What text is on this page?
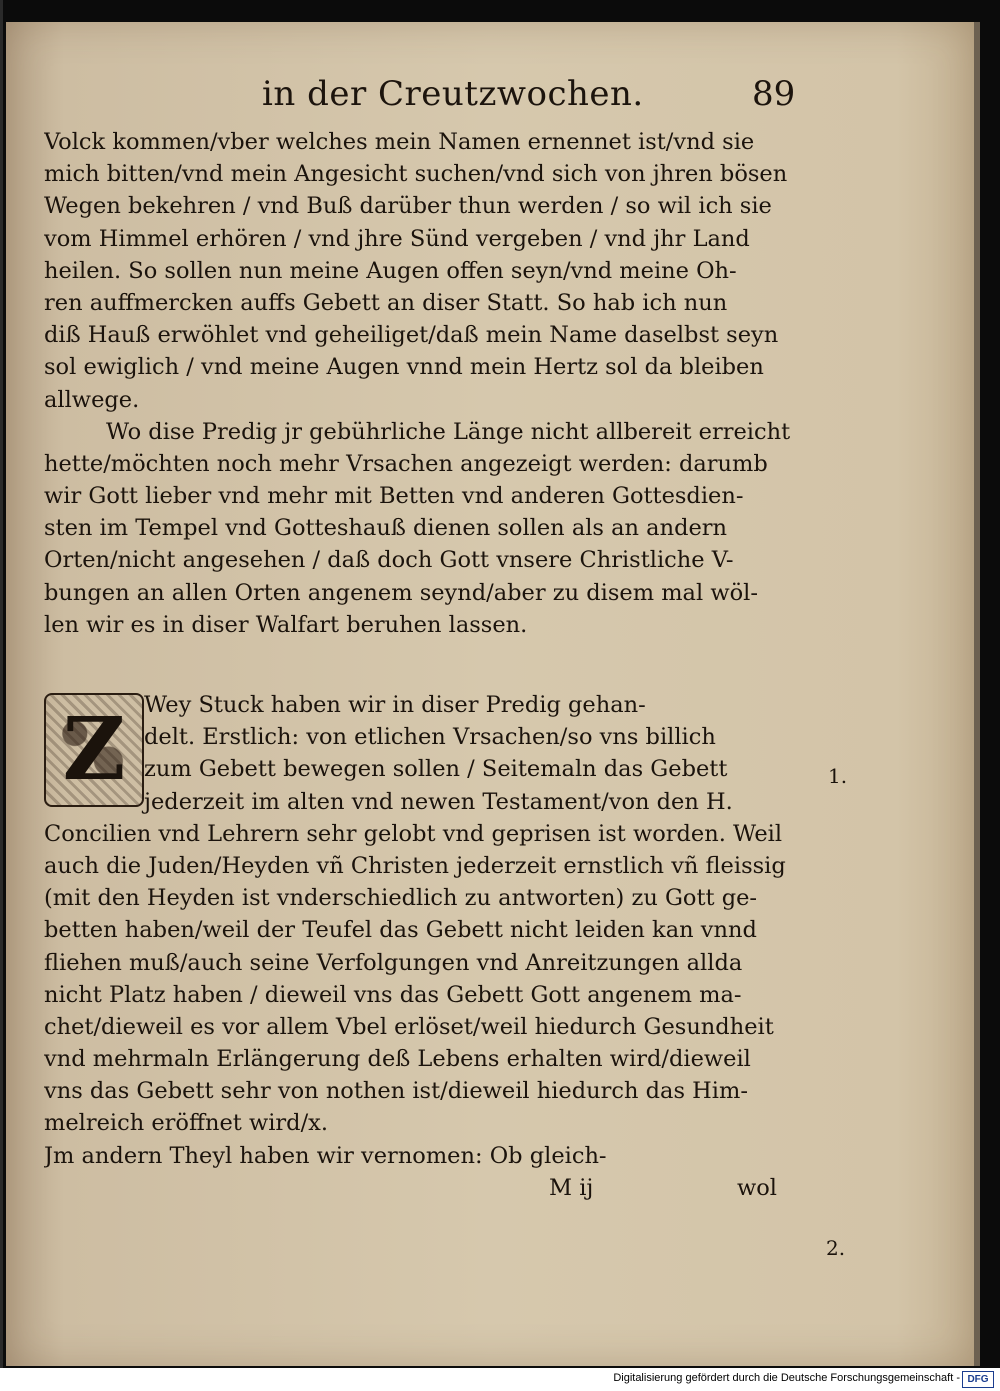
in der Creutzwochen.	89
Volck kommen/vber welches mein Namen ernennet ist/vnd sie
mich bitten/vnd mein Angesicht suchen/vnd sich von jhren bösen
Wegen bekehren / vnd Buß darüber thun werden / so wil ich sie
vom Himmel erhören / vnd jhre Sünd vergeben / vnd jhr Land
heilen. So sollen nun meine Augen offen seyn/vnd meine Oh-
ren auffmercken auffs Gebett an diser Statt. So hab ich nun
diß Hauß erwöhlet vnd geheiliget/daß mein Name daselbst seyn
sol ewiglich / vnd meine Augen vnnd mein Hertz sol da bleiben
allwege.
Wo dise Predig jr gebührliche Länge nicht allbereit erreicht
hette/möchten noch mehr Vrsachen angezeigt werden: darumb
wir Gott lieber vnd mehr mit Betten vnd anderen Gottesdien-
sten im Tempel vnd Gotteshauß dienen sollen als an andern
Orten/nicht angesehen / daß doch Gott vnsere Christliche V-
bungen an allen Orten angenem seynd/aber zu disem mal wöl-
len wir es in diser Walfart beruhen lassen.
Z Wey Stuck haben wir in diser Predig gehan-
delt. Erstlich: von etlichen Vrsachen/so vns billich
zum Gebett bewegen sollen / Seitemaln das Gebett
jederzeit im alten vnd newen Testament/von den H.
Concilien vnd Lehrern sehr gelobt vnd geprisen ist worden. Weil
auch die Juden/Heyden vñ Christen jederzeit ernstlich vñ fleissig
(mit den Heyden ist vnderschiedlich zu antworten) zu Gott ge-
betten haben/weil der Teufel das Gebett nicht leiden kan vnnd
fliehen muß/auch seine Verfolgungen vnd Anreitzungen allda
nicht Platz haben / dieweil vns das Gebett Gott angenem ma-
chet/dieweil es vor allem Vbel erlöset/weil hiedurch Gesundheit
vnd mehrmaln Erlängerung deß Lebens erhalten wird/dieweil
vns das Gebett sehr von nothen ist/dieweil hiedurch das Him-
melreich eröffnet wird/x.
Jm andern Theyl haben wir vernomen: Ob gleich-
M ij	wol
1.
2.
Digitalisierung gefördert durch die Deutsche Forschungsgemeinschaft - DFG
